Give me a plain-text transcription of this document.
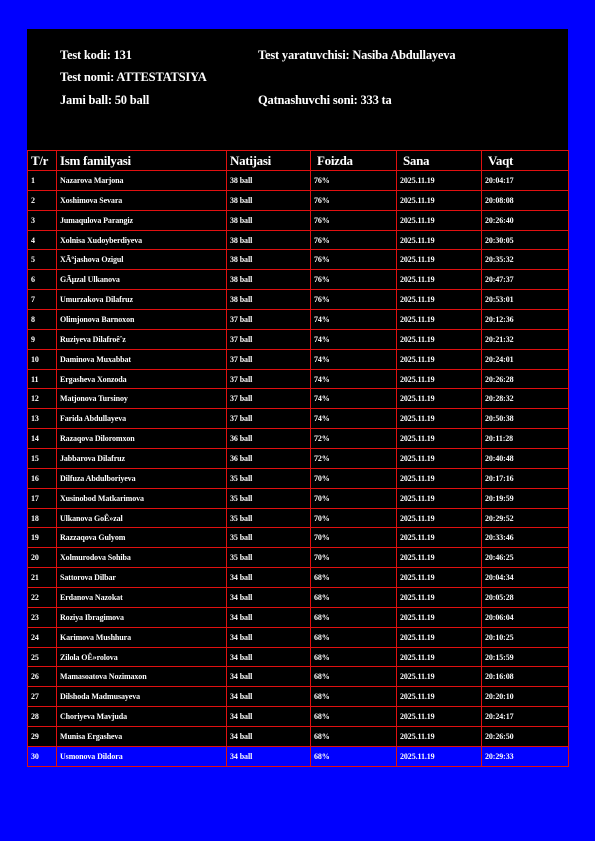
Test kodi: 131
Test nomi: ATTESTATSIYA
Jami ball: 50 ball
Test yaratuvchisi: Nasiba Abdullayeva
Qatnashuvchi soni: 333 ta
T/r	Ism familyasi	Natijasi	Foizda	Sana	Vaqt
1	Nazarova Marjona	38 ball	76%	2025.11.19	20:04:17
2	Xoshimova Sevara	38 ball	76%	2025.11.19	20:08:08
3	Jumaqulova Parangiz	38 ball	76%	2025.11.19	20:26:40
4	Xolnisa Xudoyberdiyeva	38 ball	76%	2025.11.19	20:30:05
5	XÃºjashova Ozigul	38 ball	76%	2025.11.19	20:35:32
6	GÃµzal Ulkanova	38 ball	76%	2025.11.19	20:47:37
7	Umurzakova Dilafruz	38 ball	76%	2025.11.19	20:53:01
8	Olimjonova Barnoxon	37 ball	74%	2025.11.19	20:12:36
9	Ruziyeva Dilafroêˆz	37 ball	74%	2025.11.19	20:21:32
10	Daminova Muxabbat	37 ball	74%	2025.11.19	20:24:01
11	Ergasheva Xonzoda	37 ball	74%	2025.11.19	20:26:28
12	Matjonova Tursinoy	37 ball	74%	2025.11.19	20:28:32
13	Farida Abdullayeva	37 ball	74%	2025.11.19	20:50:38
14	Razaqova Diloromxon	36 ball	72%	2025.11.19	20:11:28
15	Jabbarova Dilafruz	36 ball	72%	2025.11.19	20:40:48
16	Dilfuza Abdulboriyeva	35 ball	70%	2025.11.19	20:17:16
17	Xusinobod Matkarimova	35 ball	70%	2025.11.19	20:19:59
18	Ulkanova GoÊ»zal	35 ball	70%	2025.11.19	20:29:52
19	Razzaqova Gulyom	35 ball	70%	2025.11.19	20:33:46
20	Xolmurodova Sohiba	35 ball	70%	2025.11.19	20:46:25
21	Sattorova Dilbar	34 ball	68%	2025.11.19	20:04:34
22	Erdanova Nazokat	34 ball	68%	2025.11.19	20:05:28
23	Roziya Ibragimova	34 ball	68%	2025.11.19	20:06:04
24	Karimova Mushhura	34 ball	68%	2025.11.19	20:10:25
25	Zilola OÊ»rolova	34 ball	68%	2025.11.19	20:15:59
26	Mamasoatova Nozimaxon	34 ball	68%	2025.11.19	20:16:08
27	Dilshoda Madmusayeva	34 ball	68%	2025.11.19	20:20:10
28	Choriyeva Mavjuda	34 ball	68%	2025.11.19	20:24:17
29	Munisa Ergasheva	34 ball	68%	2025.11.19	20:26:50
30	Usmonova Dildora	34 ball	68%	2025.11.19	20:29:33
